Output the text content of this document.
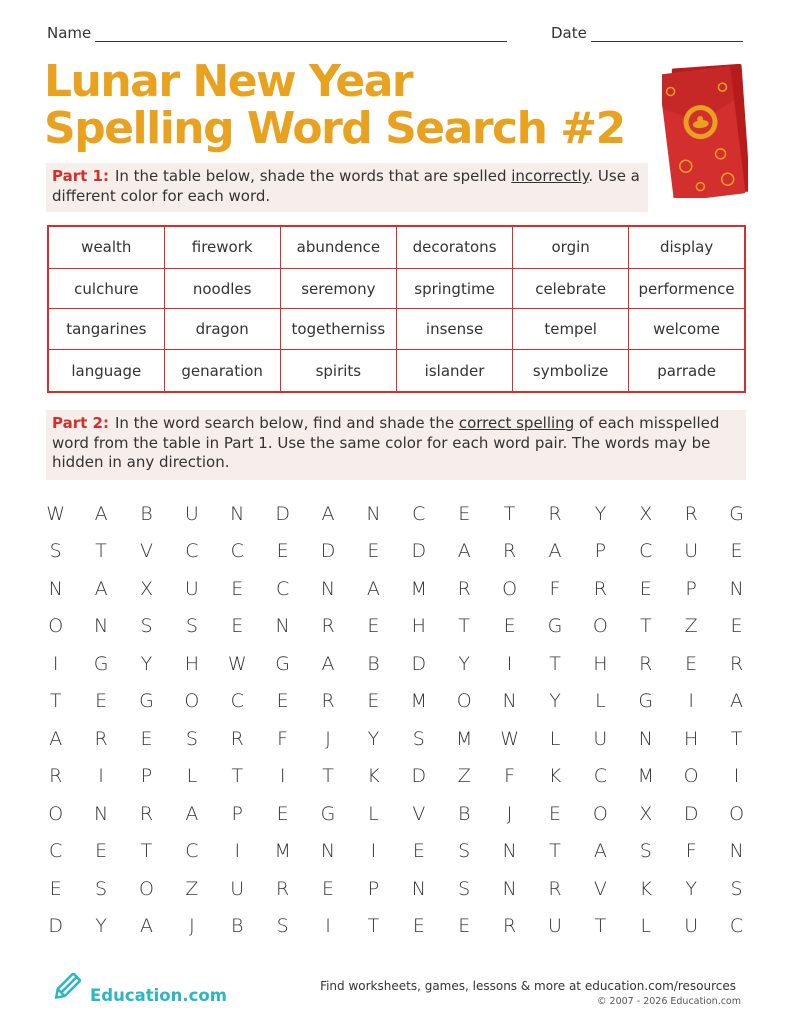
Name	Date
Lunar New Year
Spelling Word Search #2
Part 1: In the table below, shade the words that are spelled incorrectly. Use a different color for each word.
wealth	firework	abundence	decoratons	orgin	display
culchure	noodles	seremony	springtime	celebrate	performence
tangarines	dragon	togetherniss	insense	tempel	welcome
language	genaration	spirits	islander	symbolize	parrade
Part 2: In the word search below, find and shade the correct spelling of each misspelled word from the table in Part 1. Use the same color for each word pair. The words may be hidden in any direction.
W	A	B	U	N	D	A	N	C	E	T	R	Y	X	R	G
S	T	V	C	C	E	D	E	D	A	R	A	P	C	U	E
N	A	X	U	E	C	N	A	M	R	O	F	R	E	P	N
O	N	S	S	E	N	R	E	H	T	E	G	O	T	Z	E
I	G	Y	H	W	G	A	B	D	Y	I	T	H	R	E	R
T	E	G	O	C	E	R	E	M	O	N	Y	L	G	I	A
A	R	E	S	R	F	J	Y	S	M	W	L	U	N	H	T
R	I	P	L	T	I	T	K	D	Z	F	K	C	M	O	I
O	N	R	A	P	E	G	L	V	B	J	E	O	X	D	O
C	E	T	C	I	M	N	I	E	S	N	T	A	S	F	N
E	S	O	Z	U	R	E	P	N	S	N	R	V	K	Y	S
D	Y	A	J	B	S	I	T	E	E	R	U	T	L	U	C
Education.com	Find worksheets, games, lessons & more at education.com/resources
© 2007 - 2026 Education.com
